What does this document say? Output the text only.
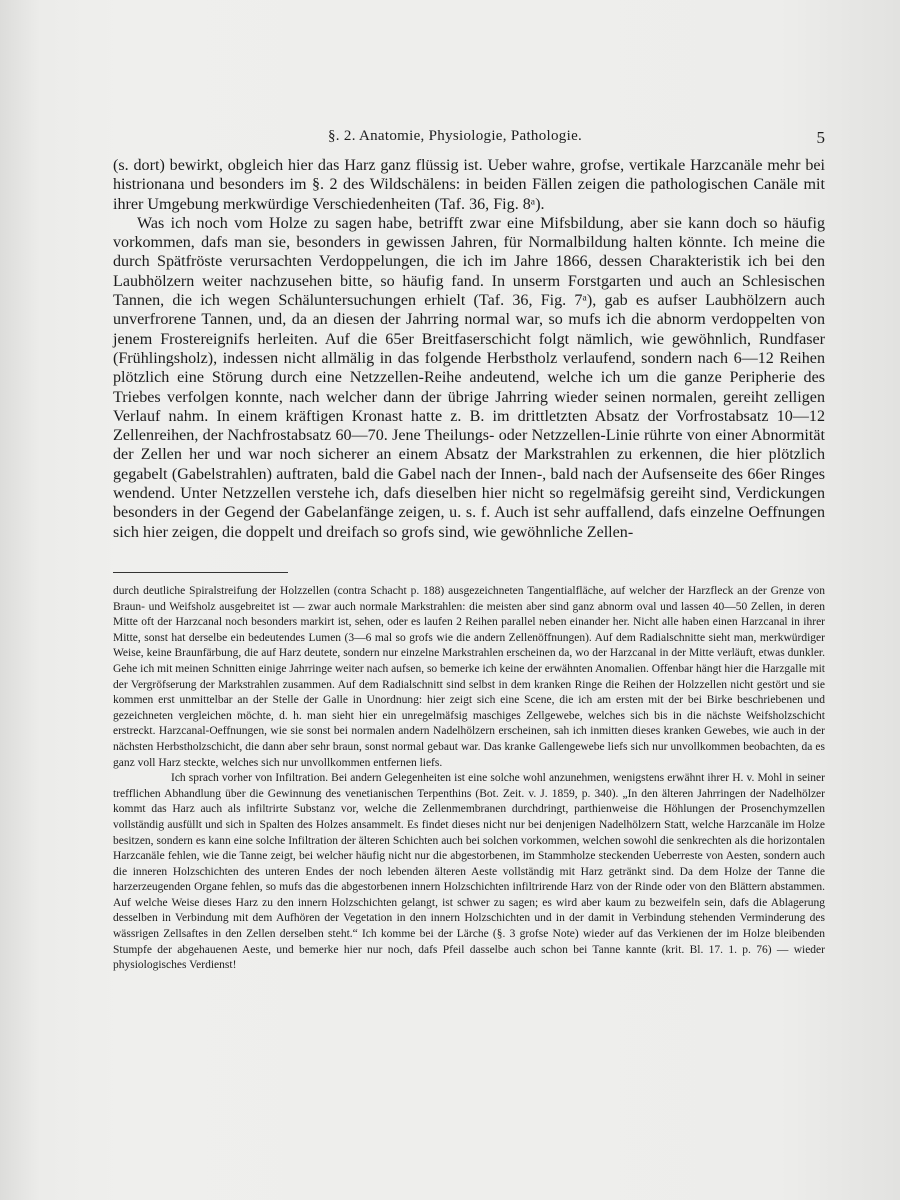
§. 2. Anatomie, Physiologie, Pathologie.	5

(s. dort) bewirkt, obgleich hier das Harz ganz flüssig ist. Ueber wahre, grofse, vertikale Harzcanäle mehr bei histrionana und besonders im §. 2 des Wildschälens: in beiden Fällen zeigen die pathologischen Canäle mit ihrer Umgebung merkwürdige Verschiedenheiten (Taf. 36, Fig. 8ᵃ).

Was ich noch vom Holze zu sagen habe, betrifft zwar eine Mifsbildung, aber sie kann doch so häufig vorkommen, dafs man sie, besonders in gewissen Jahren, für Normalbildung halten könnte. Ich meine die durch Spätfröste verursachten Verdoppelungen, die ich im Jahre 1866, dessen Charakteristik ich bei den Laubhölzern weiter nachzusehen bitte, so häufig fand. In unserm Forstgarten und auch an Schlesischen Tannen, die ich wegen Schäluntersuchungen erhielt (Taf. 36, Fig. 7ᵃ), gab es aufser Laubhölzern auch unverfrorene Tannen, und, da an diesen der Jahrring normal war, so mufs ich die abnorm verdoppelten von jenem Frostereignifs herleiten. Auf die 65er Breitfaserschicht folgt nämlich, wie gewöhnlich, Rundfaser (Frühlingsholz), indessen nicht allmälig in das folgende Herbstholz verlaufend, sondern nach 6—12 Reihen plötzlich eine Störung durch eine Netzzellen-Reihe andeutend, welche ich um die ganze Peripherie des Triebes verfolgen konnte, nach welcher dann der übrige Jahrring wieder seinen normalen, gereiht zelligen Verlauf nahm. In einem kräftigen Kronast hatte z. B. im drittletzten Absatz der Vorfrostabsatz 10—12 Zellenreihen, der Nachfrostabsatz 60—70. Jene Theilungs- oder Netzzellen-Linie rührte von einer Abnormität der Zellen her und war noch sicherer an einem Absatz der Markstrahlen zu erkennen, die hier plötzlich gegabelt (Gabelstrahlen) auftraten, bald die Gabel nach der Innen-, bald nach der Aufsenseite des 66er Ringes wendend. Unter Netzzellen verstehe ich, dafs dieselben hier nicht so regelmäfsig gereiht sind, Verdickungen besonders in der Gegend der Gabelanfänge zeigen, u. s. f. Auch ist sehr auffallend, dafs einzelne Oeffnungen sich hier zeigen, die doppelt und dreifach so grofs sind, wie gewöhnliche Zellen-

durch deutliche Spiralstreifung der Holzzellen (contra Schacht p. 188) ausgezeichneten Tangentialfläche, auf welcher der Harzfleck an der Grenze von Braun- und Weifsholz ausgebreitet ist — zwar auch normale Markstrahlen: die meisten aber sind ganz abnorm oval und lassen 40—50 Zellen, in deren Mitte oft der Harzcanal noch besonders markirt ist, sehen, oder es laufen 2 Reihen parallel neben einander her. Nicht alle haben einen Harzcanal in ihrer Mitte, sonst hat derselbe ein bedeutendes Lumen (3—6 mal so grofs wie die andern Zellenöffnungen). Auf dem Radialschnitte sieht man, merkwürdiger Weise, keine Braunfärbung, die auf Harz deutete, sondern nur einzelne Markstrahlen erscheinen da, wo der Harzcanal in der Mitte verläuft, etwas dunkler. Gehe ich mit meinen Schnitten einige Jahrringe weiter nach aufsen, so bemerke ich keine der erwähnten Anomalien. Offenbar hängt hier die Harzgalle mit der Vergröfserung der Markstrahlen zusammen. Auf dem Radialschnitt sind selbst in dem kranken Ringe die Reihen der Holzzellen nicht gestört und sie kommen erst unmittelbar an der Stelle der Galle in Unordnung: hier zeigt sich eine Scene, die ich am ersten mit der bei Birke beschriebenen und gezeichneten vergleichen möchte, d. h. man sieht hier ein unregelmäfsig maschiges Zellgewebe, welches sich bis in die nächste Weifsholzschicht erstreckt. Harzcanal-Oeffnungen, wie sie sonst bei normalen andern Nadelhölzern erscheinen, sah ich inmitten dieses kranken Gewebes, wie auch in der nächsten Herbstholzschicht, die dann aber sehr braun, sonst normal gebaut war. Das kranke Gallengewebe liefs sich nur unvollkommen beobachten, da es ganz voll Harz steckte, welches sich nur unvollkommen entfernen liefs.

Ich sprach vorher von Infiltration. Bei andern Gelegenheiten ist eine solche wohl anzunehmen, wenigstens erwähnt ihrer H. v. Mohl in seiner trefflichen Abhandlung über die Gewinnung des venetianischen Terpenthins (Bot. Zeit. v. J. 1859, p. 340). „In den älteren Jahrringen der Nadelhölzer kommt das Harz auch als infiltrirte Substanz vor, welche die Zellenmembranen durchdringt, parthienweise die Höhlungen der Prosenchymzellen vollständig ausfüllt und sich in Spalten des Holzes ansammelt. Es findet dieses nicht nur bei denjenigen Nadelhölzern Statt, welche Harzcanäle im Holze besitzen, sondern es kann eine solche Infiltration der älteren Schichten auch bei solchen vorkommen, welchen sowohl die senkrechten als die horizontalen Harzcanäle fehlen, wie die Tanne zeigt, bei welcher häufig nicht nur die abgestorbenen, im Stammholze steckenden Ueberreste von Aesten, sondern auch die inneren Holzschichten des unteren Endes der noch lebenden älteren Aeste vollständig mit Harz getränkt sind. Da dem Holze der Tanne die harzerzeugenden Organe fehlen, so mufs das die abgestorbenen innern Holzschichten infiltrirende Harz von der Rinde oder von den Blättern abstammen. Auf welche Weise dieses Harz zu den innern Holzschichten gelangt, ist schwer zu sagen; es wird aber kaum zu bezweifeln sein, dafs die Ablagerung desselben in Verbindung mit dem Aufhören der Vegetation in den innern Holzschichten und in der damit in Verbindung stehenden Verminderung des wässrigen Zellsaftes in den Zellen derselben steht.“ Ich komme bei der Lärche (§. 3 grofse Note) wieder auf das Verkienen der im Holze bleibenden Stumpfe der abgehauenen Aeste, und bemerke hier nur noch, dafs Pfeil dasselbe auch schon bei Tanne kannte (krit. Bl. 17. 1. p. 76) — wieder physiologisches Verdienst!
